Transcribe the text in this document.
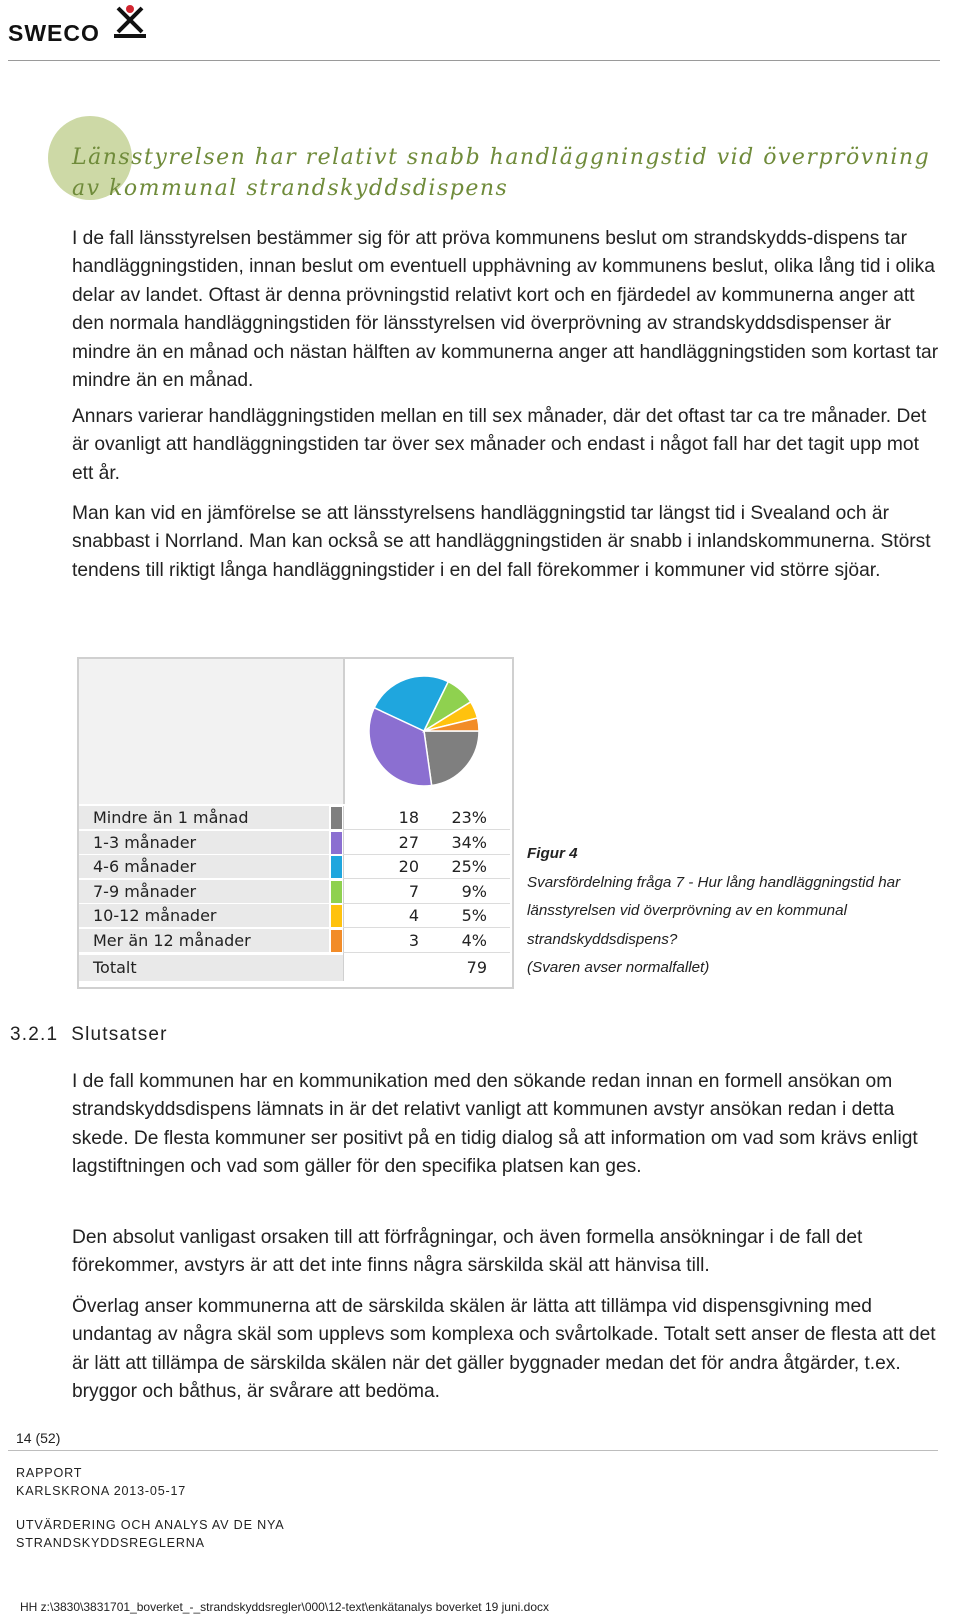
SWECO
Länsstyrelsen har relativt snabb handläggningstid vid överprövning av kommunal strandskyddsdispens

I de fall länsstyrelsen bestämmer sig för att pröva kommunens beslut om strandskydds-dispens tar handläggningstiden, innan beslut om eventuell upphävning av kommunens beslut, olika lång tid i olika delar av landet. Oftast är denna prövningstid relativt kort och en fjärdedel av kommunerna anger att den normala handläggningstiden för länsstyrelsen vid överprövning av strandskyddsdispenser är mindre än en månad och nästan hälften av kommunerna anger att handläggningstiden som kortast tar mindre än en månad.

Annars varierar handläggningstiden mellan en till sex månader, där det oftast tar ca tre månader. Det är ovanligt att handläggningstiden tar över sex månader och endast i något fall har det tagit upp mot ett år.

Man kan vid en jämförelse se att länsstyrelsens handläggningstid tar längst tid i Svealand och är snabbast i Norrland. Man kan också se att handläggningstiden är snabb i inlandskommunerna. Störst tendens till riktigt långa handläggningstider i en del fall förekommer i kommuner vid större sjöar.

Mindre än 1 månad	18	23%
1-3 månader	27	34%
4-6 månader	20	25%
7-9 månader	7	9%
10-12 månader	4	5%
Mer än 12 månader	3	4%
Totalt	79
Figur 4
Svarsfördelning fråga 7 - Hur lång handläggningstid har länsstyrelsen vid överprövning av en kommunal strandskyddsdispens?
(Svaren avser normalfallet)
3.2.1 Slutsatser

I de fall kommunen har en kommunikation med den sökande redan innan en formell ansökan om strandskyddsdispens lämnats in är det relativt vanligt att kommunen avstyr ansökan redan i detta skede. De flesta kommuner ser positivt på en tidig dialog så att information om vad som krävs enligt lagstiftningen och vad som gäller för den specifika platsen kan ges.

Den absolut vanligast orsaken till att förfrågningar, och även formella ansökningar i de fall det förekommer, avstyrs är att det inte finns några särskilda skäl att hänvisa till.

Överlag anser kommunerna att de särskilda skälen är lätta att tillämpa vid dispensgivning med undantag av några skäl som upplevs som komplexa och svårtolkade. Totalt sett anser de flesta att det är lätt att tillämpa de särskilda skälen när det gäller byggnader medan det för andra åtgärder, t.ex. bryggor och båthus, är svårare att bedöma.

14 (52)
RAPPORT
KARLSKRONA 2013-05-17
UTVÄRDERING OCH ANALYS AV DE NYA
STRANDSKYDDSREGLERNA
HH z:\3830\3831701_boverket_-_strandskyddsregler\000\12-text\enkätanalys boverket 19 juni.docx
